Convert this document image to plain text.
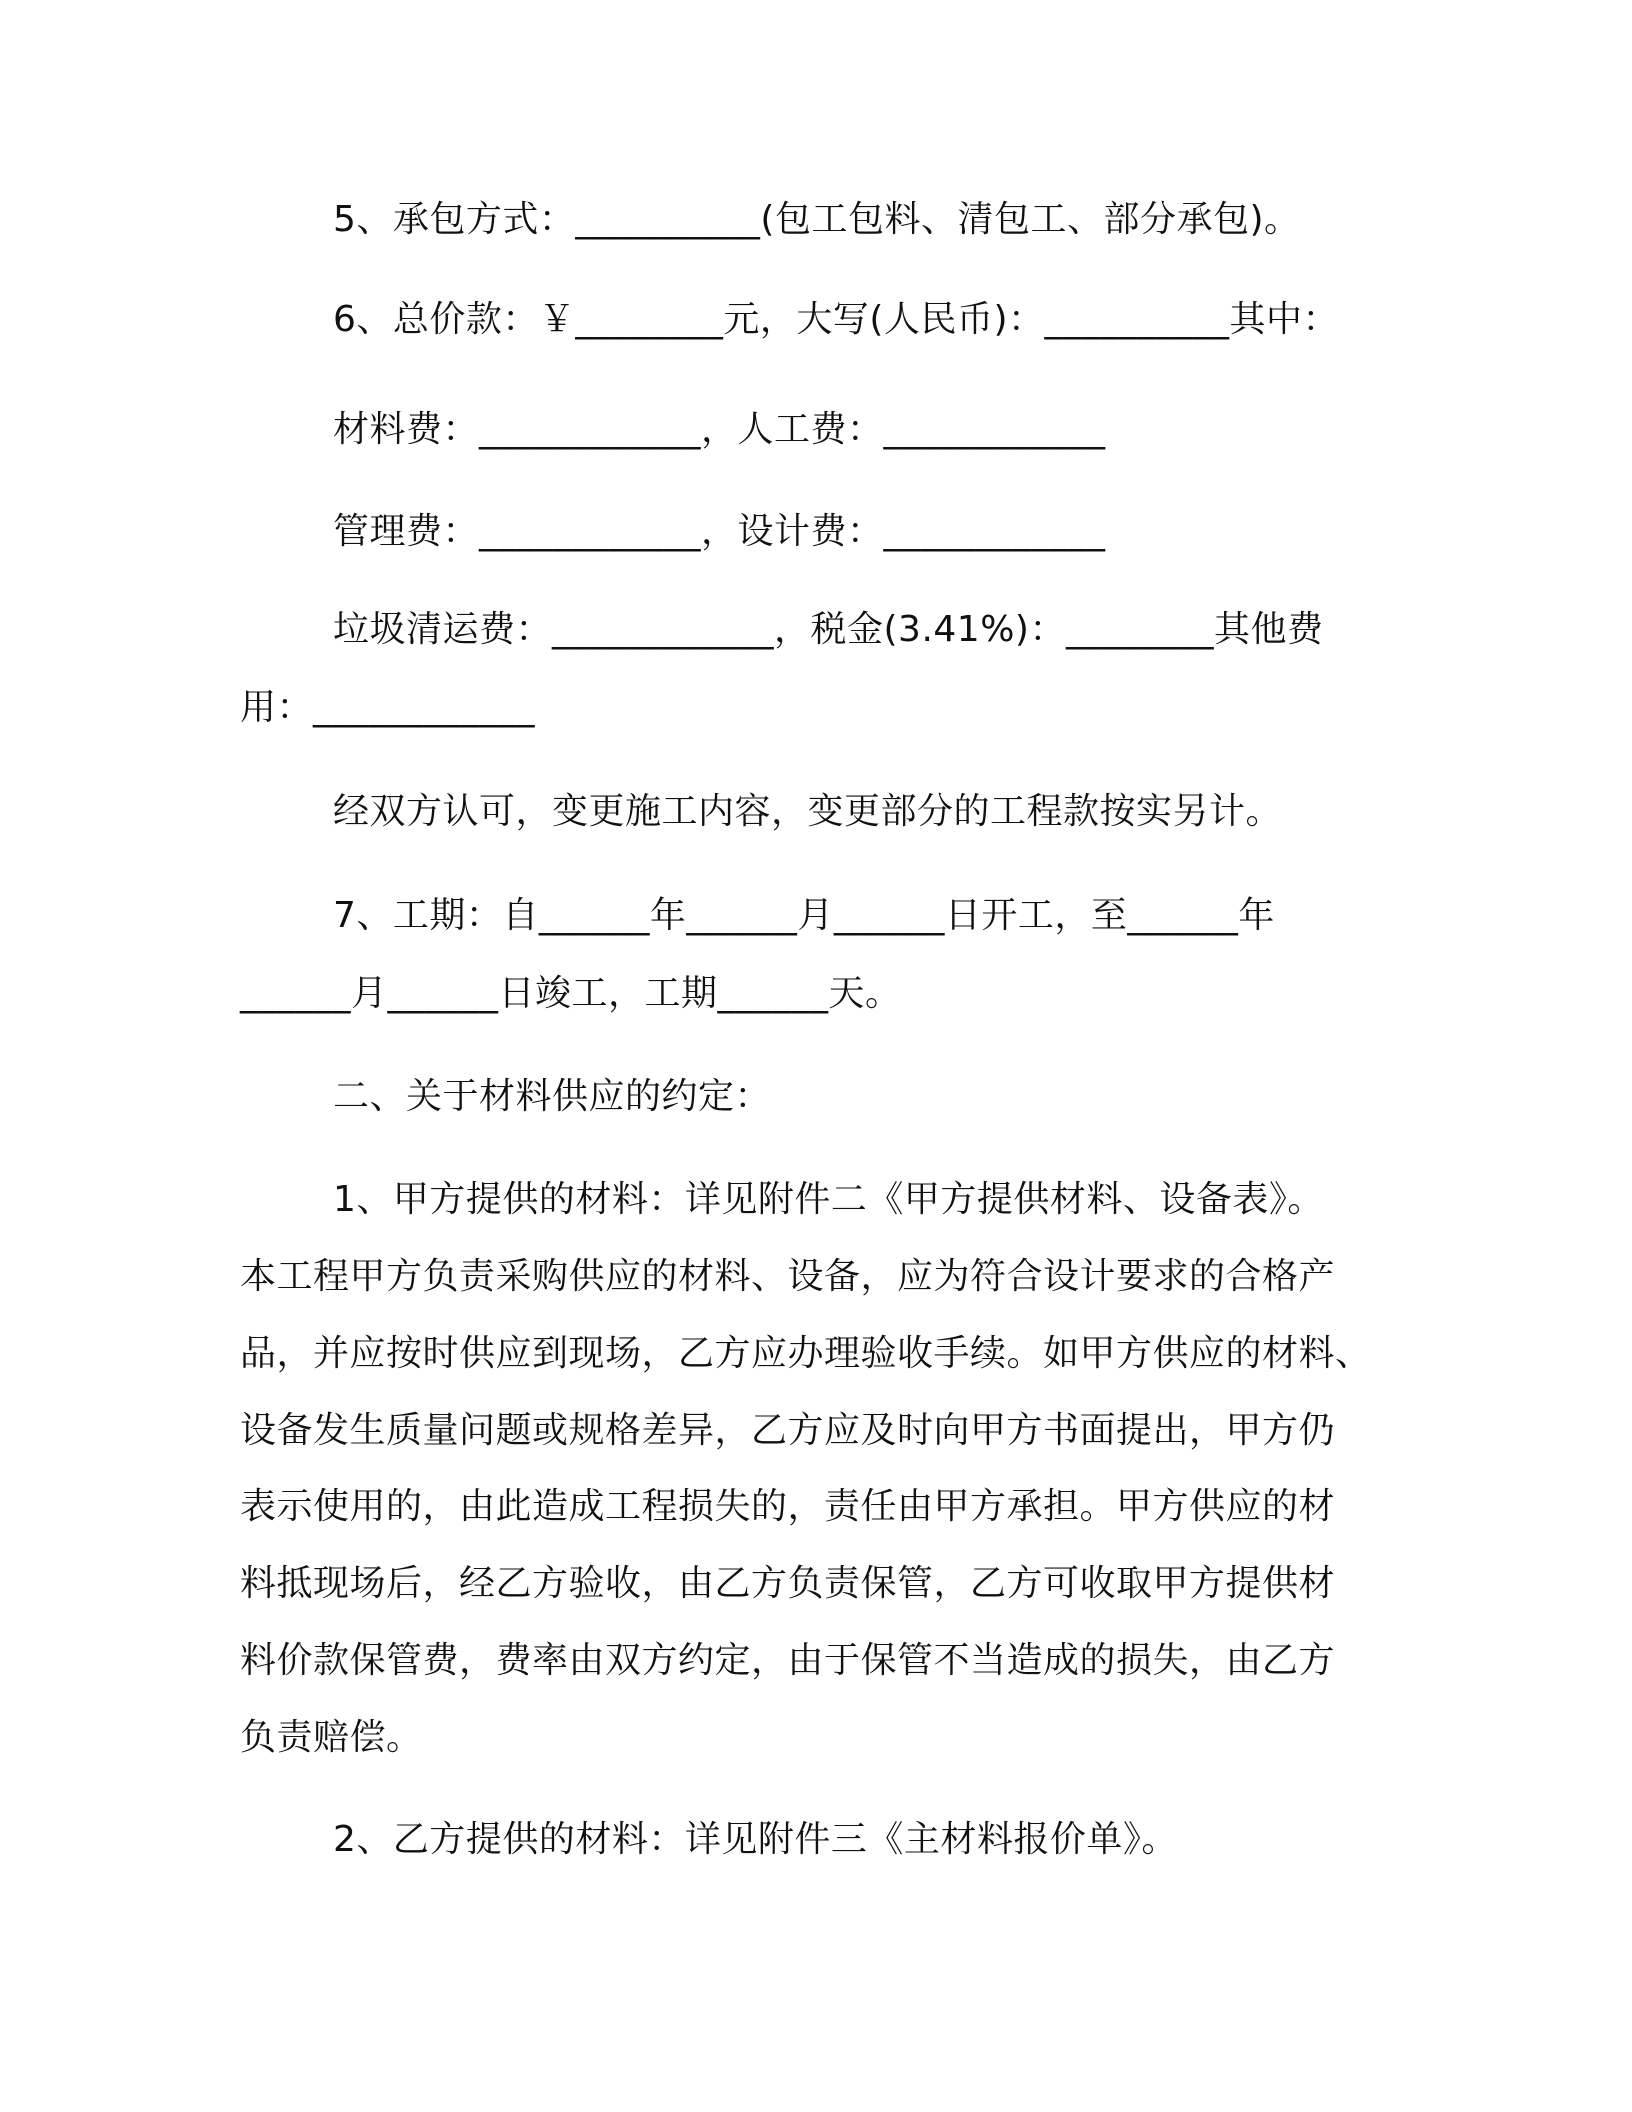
5、承包方式：__________(包工包料、清包工、部分承包)。
6、总价款：￥________元，大写(人民币)：__________其中：
材料费：____________，人工费：____________
管理费：____________，设计费：____________
垃圾清运费：____________，税金(3.41%)：________其他费
用：____________
经双方认可，变更施工内容，变更部分的工程款按实另计。
7、工期：自______年______月______日开工，至______年
______月______日竣工，工期______天。
二、关于材料供应的约定：
1、甲方提供的材料：详见附件二《甲方提供材料、设备表》。
本工程甲方负责采购供应的材料、设备，应为符合设计要求的合格产
品，并应按时供应到现场，乙方应办理验收手续。如甲方供应的材料、
设备发生质量问题或规格差异，乙方应及时向甲方书面提出，甲方仍
表示使用的，由此造成工程损失的，责任由甲方承担。甲方供应的材
料抵现场后，经乙方验收，由乙方负责保管，乙方可收取甲方提供材
料价款保管费，费率由双方约定，由于保管不当造成的损失，由乙方
负责赔偿。
2、乙方提供的材料：详见附件三《主材料报价单》。
